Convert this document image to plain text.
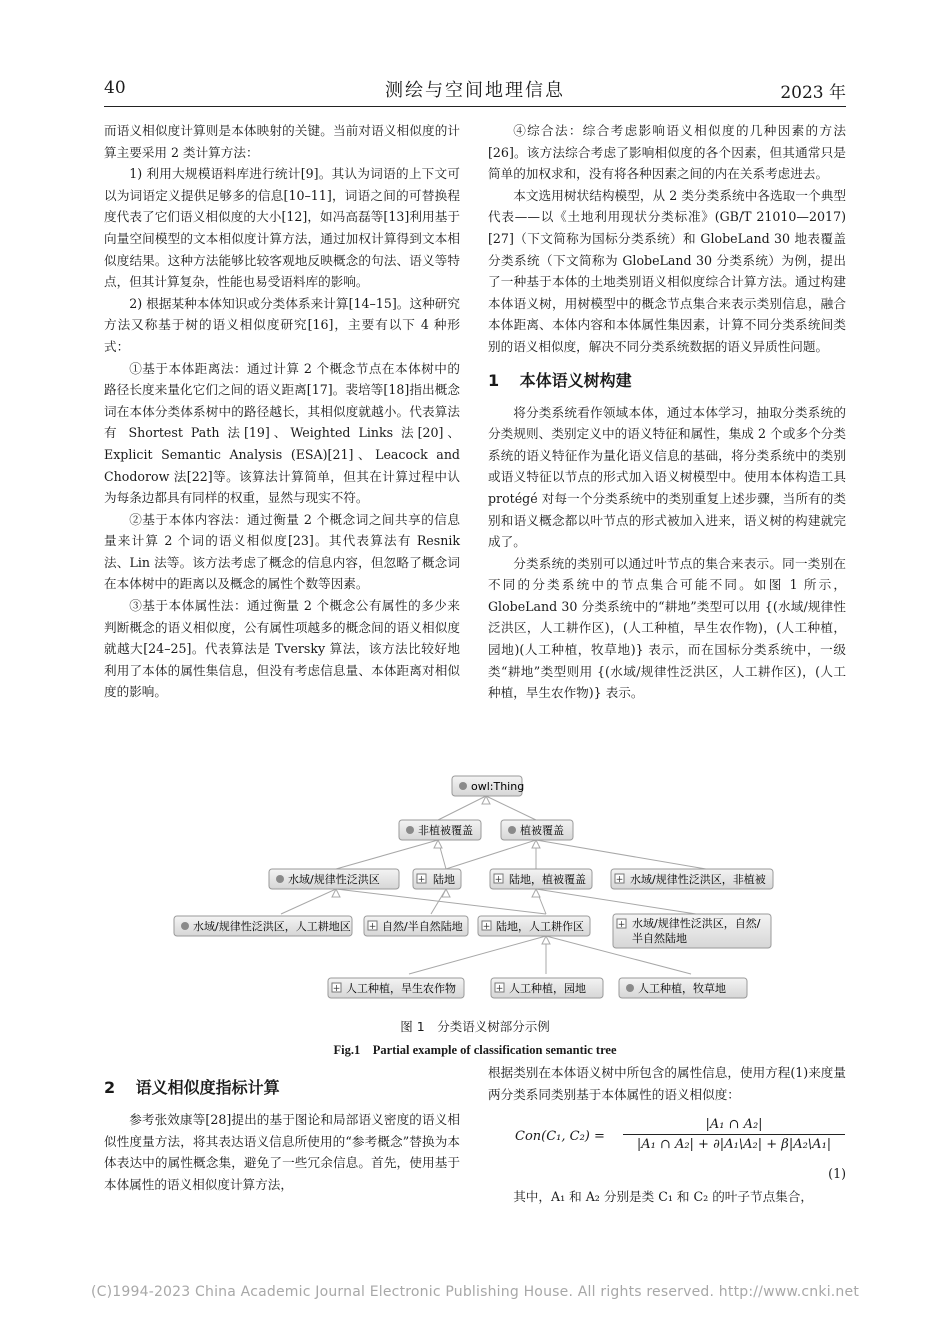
40	测绘与空间地理信息	2023 年

而语义相似度计算则是本体映射的关键。当前对语义相似度的计算主要采用 2 类计算方法：

1) 利用大规模语料库进行统计[9]。其认为词语的上下文可以为词语定义提供足够多的信息[10–11]，词语之间的可替换程度代表了它们语义相似度的大小[12]，如冯高磊等[13]利用基于向量空间模型的文本相似度计算方法，通过加权计算得到文本相似度结果。这种方法能够比较客观地反映概念的句法、语义等特点，但其计算复杂，性能也易受语料库的影响。

2) 根据某种本体知识或分类体系来计算[14–15]。这种研究方法又称基于树的语义相似度研究[16]，主要有以下 4 种形式：

①基于本体距离法：通过计算 2 个概念节点在本体树中的路径长度来量化它们之间的语义距离[17]。裴培等[18]指出概念词在本体分类体系树中的路径越长，其相似度就越小。代表算法有 Shortest Path 法[19]、Weighted Links 法[20]、Explicit Semantic Analysis (ESA)[21]、Leacock and Chodorow 法[22]等。该算法计算简单，但其在计算过程中认为每条边都具有同样的权重，显然与现实不符。

②基于本体内容法：通过衡量 2 个概念词之间共享的信息量来计算 2 个词的语义相似度[23]。其代表算法有 Resnik 法、Lin 法等。该方法考虑了概念的信息内容，但忽略了概念词在本体树中的距离以及概念的属性个数等因素。

③基于本体属性法：通过衡量 2 个概念公有属性的多少来判断概念的语义相似度，公有属性项越多的概念间的语义相似度就越大[24–25]。代表算法是 Tversky 算法，该方法比较好地利用了本体的属性集信息，但没有考虑信息量、本体距离对相似度的影响。

④综合法：综合考虑影响语义相似度的几种因素的方法[26]。该方法综合考虑了影响相似度的各个因素，但其通常只是简单的加权求和，没有将各种因素之间的内在关系考虑进去。

本文选用树状结构模型，从 2 类分类系统中各选取一个典型代表——以《土地利用现状分类标准》(GB/T 21010—2017)[27]（下文简称为国标分类系统）和 GlobeLand 30 地表覆盖分类系统（下文简称为 GlobeLand 30 分类系统）为例，提出了一种基于本体的土地类别语义相似度综合计算方法。通过构建本体语义树，用树模型中的概念节点集合来表示类别信息，融合本体距离、本体内容和本体属性集因素，计算不同分类系统间类别的语义相似度，解决不同分类系统数据的语义异质性问题。

1 本体语义树构建

将分类系统看作领域本体，通过本体学习，抽取分类系统的分类规则、类别定义中的语义特征和属性，集成 2 个或多个分类系统的语义特征作为量化语义信息的基础，将分类系统中的类别或语义特征以节点的形式加入语义树模型中。使用本体构造工具 protégé 对每一个分类系统中的类别重复上述步骤，当所有的类别和语义概念都以叶节点的形式被加入进来，语义树的构建就完成了。

分类系统的类别可以通过叶节点的集合来表示。同一类别在不同的分类系统中的节点集合可能不同。如图 1 所示，GlobeLand 30 分类系统中的“耕地”类型可以用 {(水域/规律性泛洪区，人工耕作区)，(人工种植，旱生农作物)，(人工种植，园地)(人工种植，牧草地)} 表示，而在国标分类系统中，一级类“耕地”类型则用 {(水域/规律性泛洪区，人工耕作区)，(人工种植，旱生农作物)} 表示。

owl:Thing
非植被覆盖	植被覆盖
水域/规律性泛洪区	+ 陆地	+ 陆地，植被覆盖	+ 水域/规律性泛洪区，非植被
水域/规律性泛洪区，人工耕地区 + 自然/半自然陆地 + 陆地，人工耕作区	+ 水域/规律性泛洪区，自然/
半自然陆地
+ 人工种植，旱生农作物	+ 人工种植，园地	人工种植，牧草地
图 1　分类语义树部分示例
Fig.1　Partial example of classification semantic tree
2 语义相似度指标计算

参考张效康等[28]提出的基于图论和局部语义密度的语义相似性度量方法，将其表达语义信息所使用的“参考概念”替换为本体表达中的属性概念集，避免了一些冗余信息。首先，使用基于本体属性的语义相似度计算方法，

根据类别在本体语义树中所包含的属性信息，使用方程(1)来度量两分类系同类别基于本体属性的语义相似度：

Con(C₁, $C_2) = \frac{\text{|A₁ ∩ A₂|}}{\text{|A₁ ∩ A₂| + ∂|A₁\textbackslash{}A₂| + β|A₂\textbackslash{}A₁|}}$
(1)

其中，A₁ 和 A₂ 分别是类 C₁ 和 C₂ 的叶子节点集合，

(C)1994-2023 China Academic Journal Electronic Publishing House. All rights reserved. http://www.cnki.net
